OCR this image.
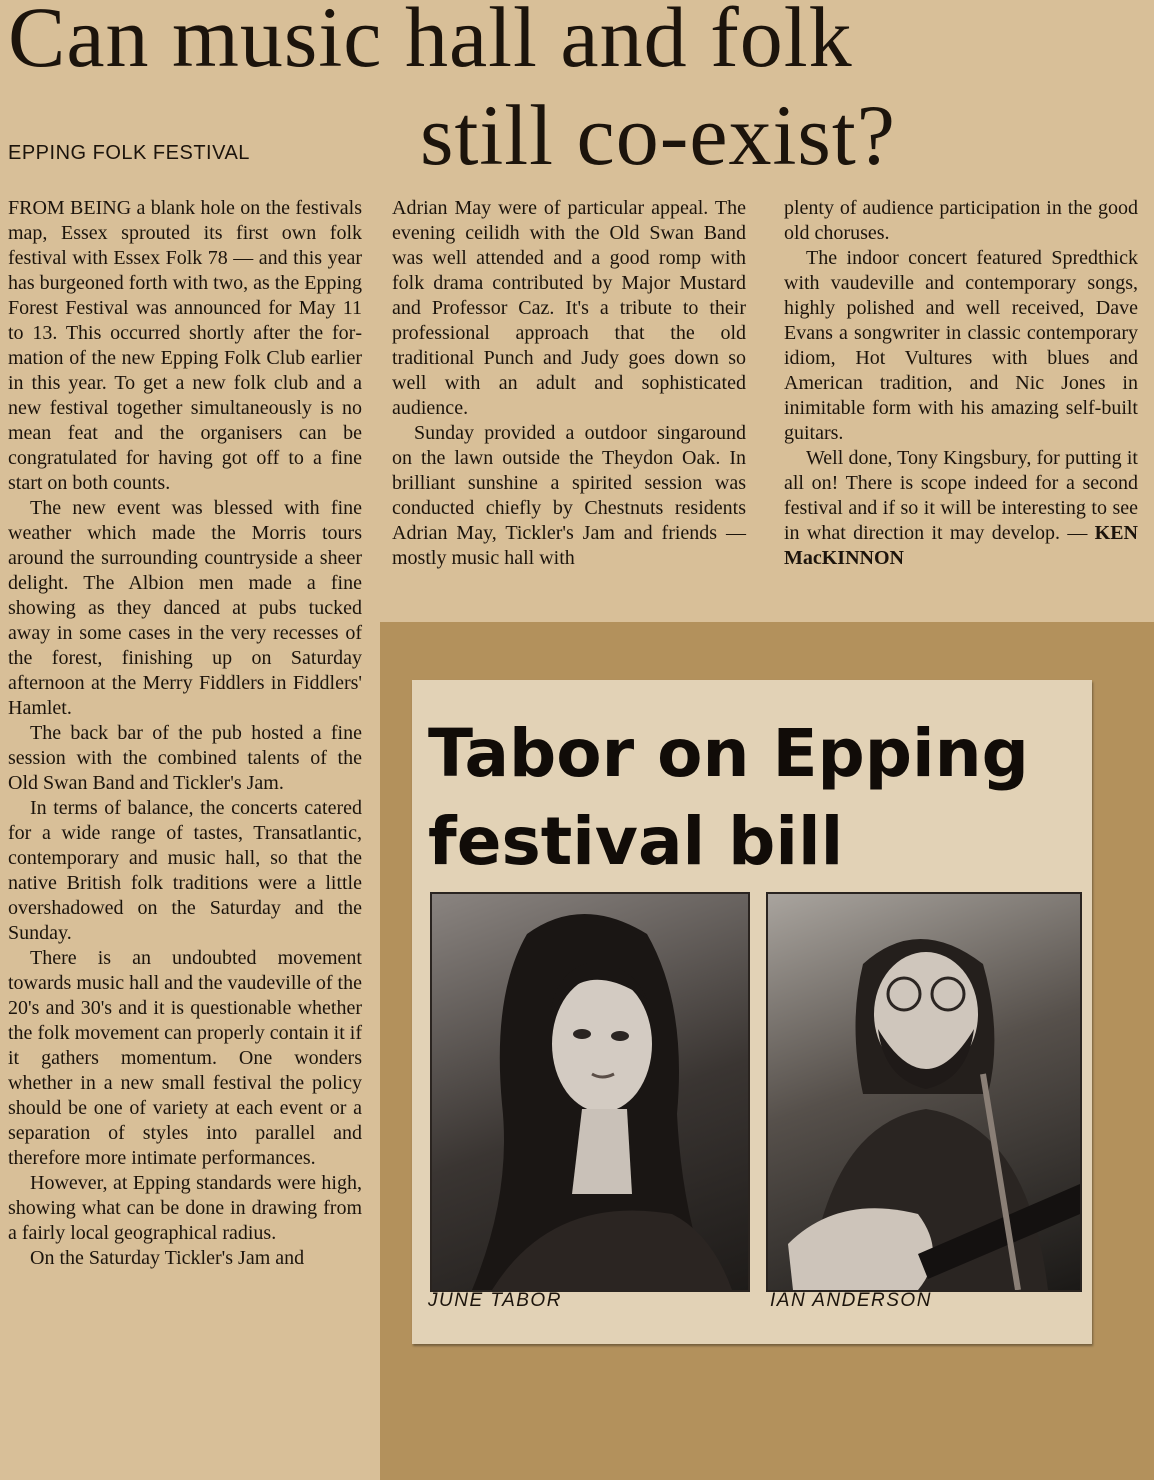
Can music hall and folk
still co-exist?
EPPING FOLK FESTIVAL

FROM BEING a blank hole on the festivals map, Essex sprouted its first own folk festival with Essex Folk 78 — and this year has burgeoned forth with two, as the Epping Forest Festival was announced for May 11 to 13. This occurred shortly after the formation of the new Epping Folk Club earlier in this year. To get a new folk club and a new festival together simultaneously is no mean feat and the organisers can be congratulated for having got off to a fine start on both counts.

The new event was blessed with fine weather which made the Morris tours around the surrounding countryside a sheer delight. The Albion men made a fine showing as they danced at pubs tucked away in some cases in the very recesses of the forest, finishing up on Saturday afternoon at the Merry Fiddlers in Fiddlers' Hamlet.

The back bar of the pub hosted a fine session with the combined talents of the Old Swan Band and Tickler's Jam.

In terms of balance, the concerts catered for a wide range of tastes, Transatlantic, contemporary and music hall, so that the native British folk traditions were a little overshadowed on the Saturday and the Sunday.

There is an undoubted movement towards music hall and the vaudeville of the 20's and 30's and it is questionable whether the folk movement can properly contain it if it gathers momentum. One wonders whether in a new small festival the policy should be one of variety at each event or a separation of styles into parallel and therefore more intimate performances.

However, at Epping standards were high, showing what can be done in drawing from a fairly local geographical radius.

On the Saturday Tickler's Jam and

Adrian May were of particular appeal. The evening ceilidh with the Old Swan Band was well attended and a good romp with folk drama contributed by Major Mustard and Professor Caz. It's a tribute to their professional approach that the old traditional Punch and Judy goes down so well with an adult and sophisticated audience.

Sunday provided a outdoor singaround on the lawn outside the Theydon Oak. In brilliant sunshine a spirited session was conducted chiefly by Chestnuts residents Adrian May, Tickler's Jam and friends — mostly music hall with

plenty of audience participation in the good old choruses.

The indoor concert featured Spredthick with vaudeville and contemporary songs, highly polished and well received, Dave Evans a songwriter in classic contemporary idiom, Hot Vultures with blues and American tradition, and Nic Jones in inimitable form with his amazing self-built guitars.

Well done, Tony Kingsbury, for putting it all on! There is scope indeed for a second festival and if so it will be interesting to see in what direction it may develop. — KEN MacKINNON

Tabor on Epping
festival bill
JUNE TABOR	IAN ANDERSON
